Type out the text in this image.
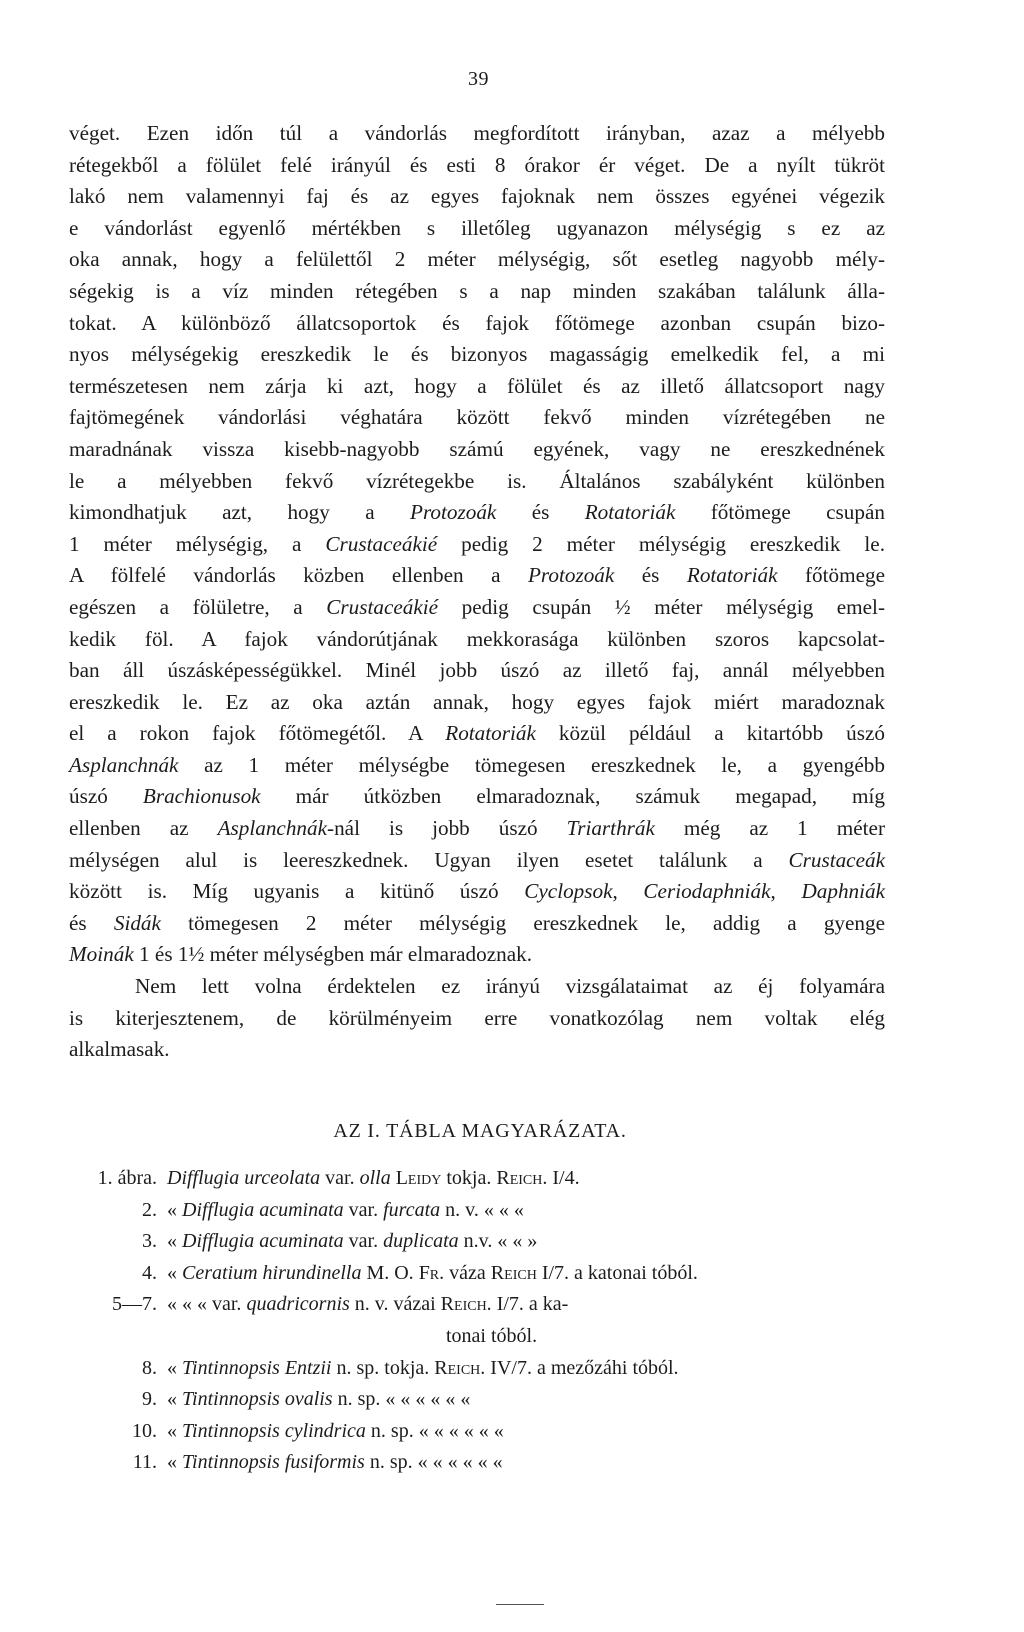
39
véget. Ezen időn túl a vándorlás megfordított irányban, azaz a mélyebb
rétegekből a fölület felé irányúl és esti 8 órakor ér véget. De a nyílt tükröt
lakó nem valamennyi faj és az egyes fajoknak nem összes egyénei végezik
e vándorlást egyenlő mértékben s illetőleg ugyanazon mélységig s ez az
oka annak, hogy a felülettől 2 méter mélységig, sőt esetleg nagyobb mély-
ségekig is a víz minden rétegében s a nap minden szakában találunk álla-
tokat. A különböző állatcsoportok és fajok főtömege azonban csupán bizo-
nyos mélységekig ereszkedik le és bizonyos magasságig emelkedik fel, a mi
természetesen nem zárja ki azt, hogy a fölület és az illető állatcsoport nagy
fajtömegének vándorlási véghatára között fekvő minden vízrétegében ne
maradnának vissza kisebb-nagyobb számú egyének, vagy ne ereszkednének
le a mélyebben fekvő vízrétegekbe is. Általános szabályként különben
kimondhatjuk azt, hogy a Protozoák és Rotatoriák főtömege csupán
1 méter mélységig, a Crustaceákié pedig 2 méter mélységig ereszkedik le.
A fölfelé vándorlás közben ellenben a Protozoák és Rotatoriák főtömege
egészen a fölületre, a Crustaceákié pedig csupán ½ méter mélységig emel-
kedik föl. A fajok vándorútjának mekkorasága különben szoros kapcsolat-
ban áll úszásképességükkel. Minél jobb úszó az illető faj, annál mélyebben
ereszkedik le. Ez az oka aztán annak, hogy egyes fajok miért maradoznak
el a rokon fajok főtömegétől. A Rotatoriák közül például a kitartóbb úszó
Asplanchnák az 1 méter mélységbe tömegesen ereszkednek le, a gyengébb
úszó Brachionusok már útközben elmaradoznak, számuk megapad, míg
ellenben az Asplanchnák-nál is jobb úszó Triarthrák még az 1 méter
mélységen alul is leereszkednek. Ugyan ilyen esetet találunk a Crustaceák
között is. Míg ugyanis a kitünő úszó Cyclopsok, Ceriodaphniák, Daphniák
és Sidák tömegesen 2 méter mélységig ereszkednek le, addig a gyenge
Moinák 1 és 1½ méter mélységben már elmaradoznak.
Nem lett volna érdektelen ez irányú vizsgálataimat az éj folyamára
is kiterjesztenem, de körülményeim erre vonatkozólag nem voltak elég
alkalmasak.
AZ I. TÁBLA MAGYARÁZATA.
1. ábra. Difflugia urceolata var. olla Leidy tokja. Reich. I/4.
2. « Difflugia acuminata var. furcata n. v. « « «
3. « Difflugia acuminata var. duplicata n.v. « « »
4. « Ceratium hirundinella M. O. Fr. váza Reich I/7. a katonai tóból.
5—7. « « « var. quadricornis n. v. vázai Reich. I/7. a ka-
tonai tóból.
8. « Tintinnopsis Entzii n. sp. tokja. Reich. IV/7. a mezőzáhi tóból.
9. « Tintinnopsis ovalis n. sp. « « « « « «
10. « Tintinnopsis cylindrica n. sp. « « « « « «
11. « Tintinnopsis fusiformis n. sp. « « « « « «
